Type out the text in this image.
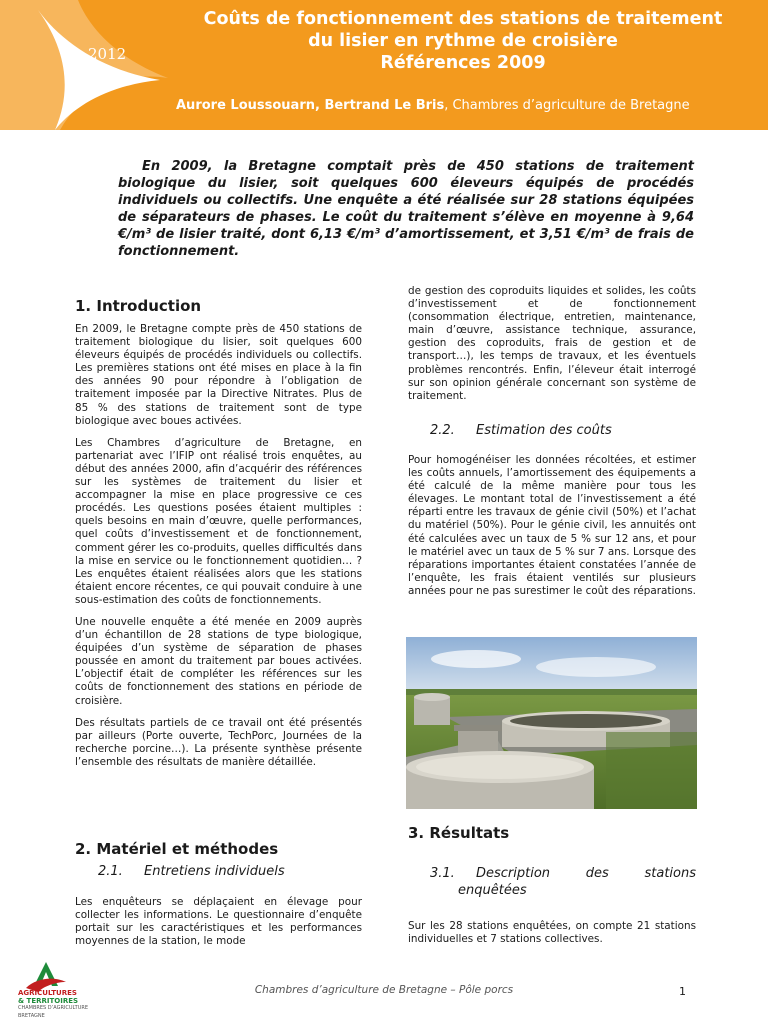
2012
Coûts de fonctionnement des stations de traitement
du lisier en rythme de croisière
Références 2009
Aurore Loussouarn, Bertrand Le Bris, Chambres d’agriculture de Bretagne
En 2009, la Bretagne comptait près de 450 stations de traitement biologique du lisier, soit quelques 600 éleveurs équipés de procédés individuels ou collectifs. Une enquête a été réalisée sur 28 stations équipées de séparateurs de phases. Le coût du traitement s’élève en moyenne à 9,64 €/m³ de lisier traité, dont 6,13 €/m³ d’amortissement, et 3,51 €/m³ de frais de fonctionnement.
1. Introduction

En 2009, le Bretagne compte près de 450 stations de traitement biologique du lisier, soit quelques 600 éleveurs équipés de procédés individuels ou collectifs. Les premières stations ont été mises en place à la fin des années 90 pour répondre à l’obligation de traitement imposée par la Directive Nitrates. Plus de 85 % des stations de traitement sont de type biologique avec boues activées.

Les Chambres d’agriculture de Bretagne, en partenariat avec l’IFIP ont réalisé trois enquêtes, au début des années 2000, afin d’acquérir des références sur les systèmes de traitement du lisier et accompagner la mise en place progressive ce ces procédés. Les questions posées étaient multiples : quels besoins en main d’œuvre, quelle performances, quel coûts d’investissement et de fonctionnement, comment gérer les co-produits, quelles difficultés dans la mise en service ou le fonctionnement quotidien… ? Les enquêtes étaient réalisées alors que les stations étaient encore récentes, ce qui pouvait conduire à une sous-estimation des coûts de fonctionnements.

Une nouvelle enquête a été menée en 2009 auprès d’un échantillon de 28 stations de type biologique, équipées d’un système de séparation de phases poussée en amont du traitement par boues activées. L’objectif était de compléter les références sur les coûts de fonctionnement des stations en période de croisière.

Des résultats partiels de ce travail ont été présentés par ailleurs (Porte ouverte, TechPorc, Journées de la recherche porcine…). La présente synthèse présente l’ensemble des résultats de manière détaillée.

2. Matériel et méthodes
2.1. Entretiens individuels

Les enquêteurs se déplaçaient en élevage pour collecter les informations. Le questionnaire d’enquête portait sur les caractéristiques et les performances moyennes de la station, le mode

de gestion des coproduits liquides et solides, les coûts d’investissement et de fonctionnement (consommation électrique, entretien, maintenance, main d’œuvre, assistance technique, assurance, gestion des coproduits, frais de gestion et de transport…), les temps de travaux, et les éventuels problèmes rencontrés. Enfin, l’éleveur était interrogé sur son opinion générale concernant son système de traitement.

2.2. Estimation des coûts

Pour homogénéiser les données récoltées, et estimer les coûts annuels, l’amortissement des équipements a été calculé de la même manière pour tous les élevages. Le montant total de l’investissement a été réparti entre les travaux de génie civil (50%) et l’achat du matériel (50%). Pour le génie civil, les annuités ont été calculées avec un taux de 5 % sur 12 ans, et pour le matériel avec un taux de 5 % sur 7 ans. Lorsque des réparations importantes étaient constatées l’année de l’enquête, les frais étaient ventilés sur plusieurs années pour ne pas surestimer le coût des réparations.

3. Résultats
3.1. Description des stations
enquêtées

Sur les 28 stations enquêtées, on compte 21 stations individuelles et 7 stations collectives.

AGRICULTURES
& TERRITOIRES
CHAMBRES D’AGRICULTURE
BRETAGNE
Chambres d’agriculture de Bretagne – Pôle porcs	1
